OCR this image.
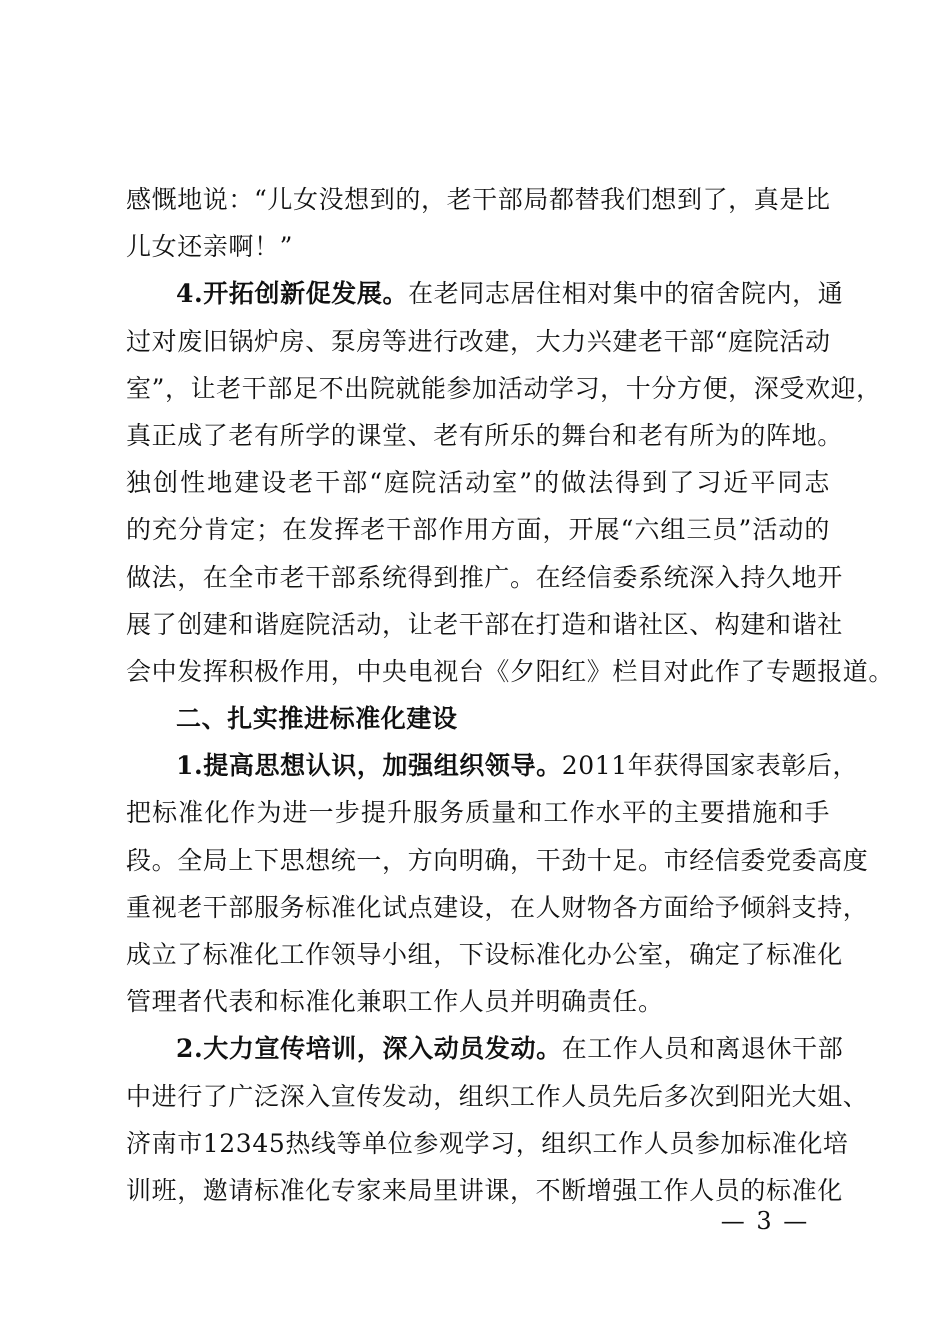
感慨地说：“儿女没想到的，老干部局都替我们想到了，真是比
儿女还亲啊！”
4.开拓创新促发展。在老同志居住相对集中的宿舍院内，通
过对废旧锅炉房、泵房等进行改建，大力兴建老干部“庭院活动
室”，让老干部足不出院就能参加活动学习，十分方便，深受欢迎，
真正成了老有所学的课堂、老有所乐的舞台和老有所为的阵地。
独创性地建设老干部“庭院活动室”的做法得到了习近平同志
的充分肯定；在发挥老干部作用方面，开展“六组三员”活动的
做法，在全市老干部系统得到推广。在经信委系统深入持久地开
展了创建和谐庭院活动，让老干部在打造和谐社区、构建和谐社
会中发挥积极作用，中央电视台《夕阳红》栏目对此作了专题报道。
二、扎实推进标准化建设
1.提高思想认识，加强组织领导。2011年获得国家表彰后，
把标准化作为进一步提升服务质量和工作水平的主要措施和手
段。全局上下思想统一，方向明确，干劲十足。市经信委党委高度
重视老干部服务标准化试点建设，在人财物各方面给予倾斜支持，
成立了标准化工作领导小组，下设标准化办公室，确定了标准化
管理者代表和标准化兼职工作人员并明确责任。
2.大力宣传培训，深入动员发动。在工作人员和离退休干部
中进行了广泛深入宣传发动，组织工作人员先后多次到阳光大姐、
济南市12345热线等单位参观学习，组织工作人员参加标准化培
训班，邀请标准化专家来局里讲课，不断增强工作人员的标准化
— 3 —
